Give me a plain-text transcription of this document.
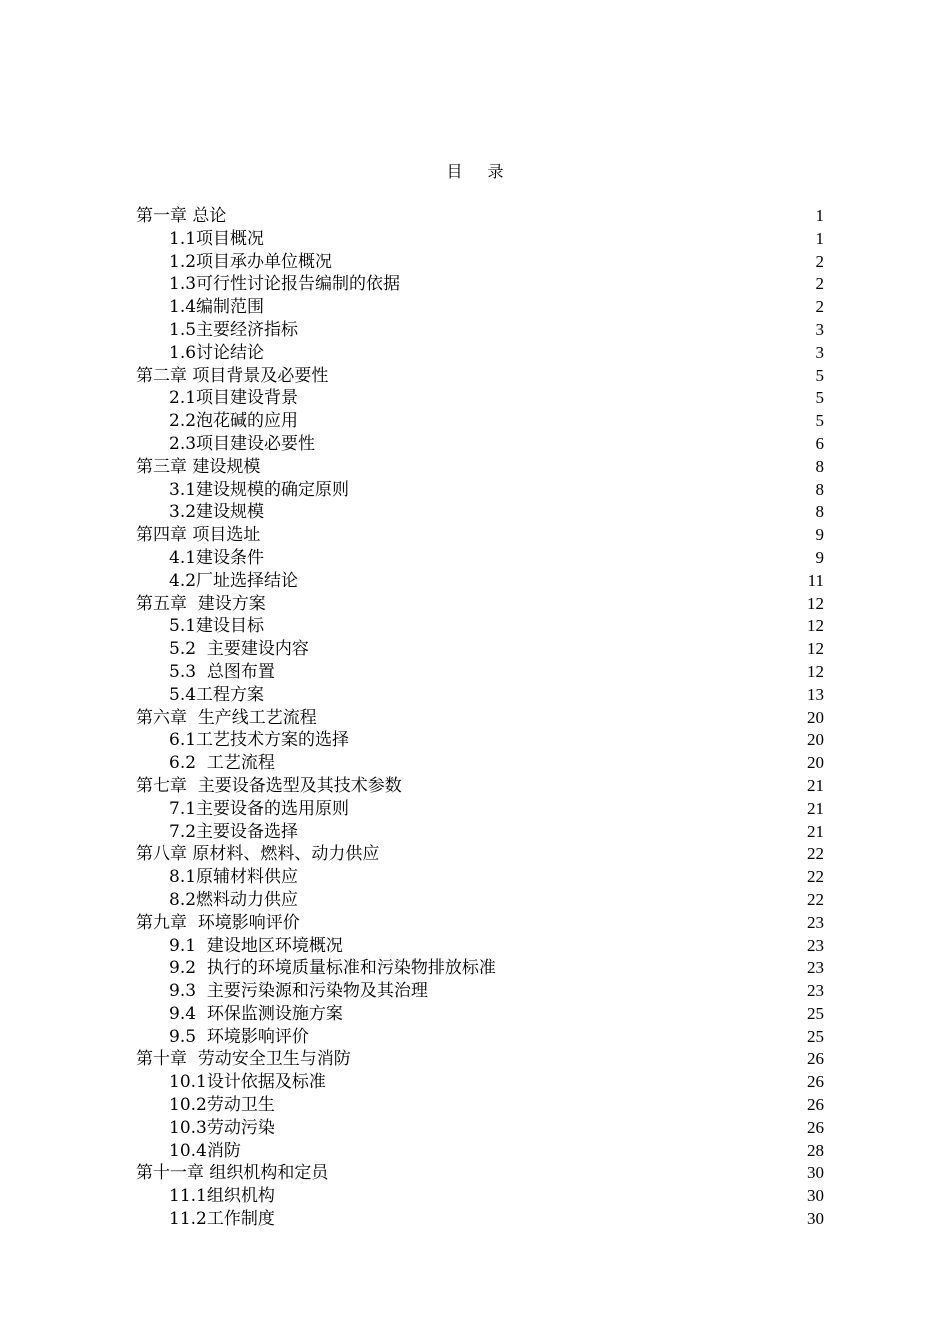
目 录
第一章 总论	1
1.1项目概况	1
1.2项目承办单位概况	2
1.3可行性讨论报告编制的依据	2
1.4编制范围	2
1.5主要经济指标	3
1.6讨论结论	3
第二章 项目背景及必要性	5
2.1项目建设背景	5
2.2泡花碱的应用	5
2.3项目建设必要性	6
第三章 建设规模	8
3.1建设规模的确定原则	8
3.2建设规模	8
第四章 项目选址	9
4.1建设条件	9
4.2厂址选择结论	11
第五章  建设方案	12
5.1建设目标	12
5.2  主要建设内容	12
5.3  总图布置	12
5.4工程方案	13
第六章  生产线工艺流程	20
6.1工艺技术方案的选择	20
6.2  工艺流程	20
第七章  主要设备选型及其技术参数	21
7.1主要设备的选用原则	21
7.2主要设备选择	21
第八章 原材料、燃料、动力供应	22
8.1原辅材料供应	22
8.2燃料动力供应	22
第九章  环境影响评价	23
9.1  建设地区环境概况	23
9.2  执行的环境质量标准和污染物排放标准	23
9.3  主要污染源和污染物及其治理	23
9.4  环保监测设施方案	25
9.5  环境影响评价	25
第十章  劳动安全卫生与消防	26
10.1设计依据及标准	26
10.2劳动卫生	26
10.3劳动污染	26
10.4消防	28
第十一章 组织机构和定员	30
11.1组织机构	30
11.2工作制度	30
